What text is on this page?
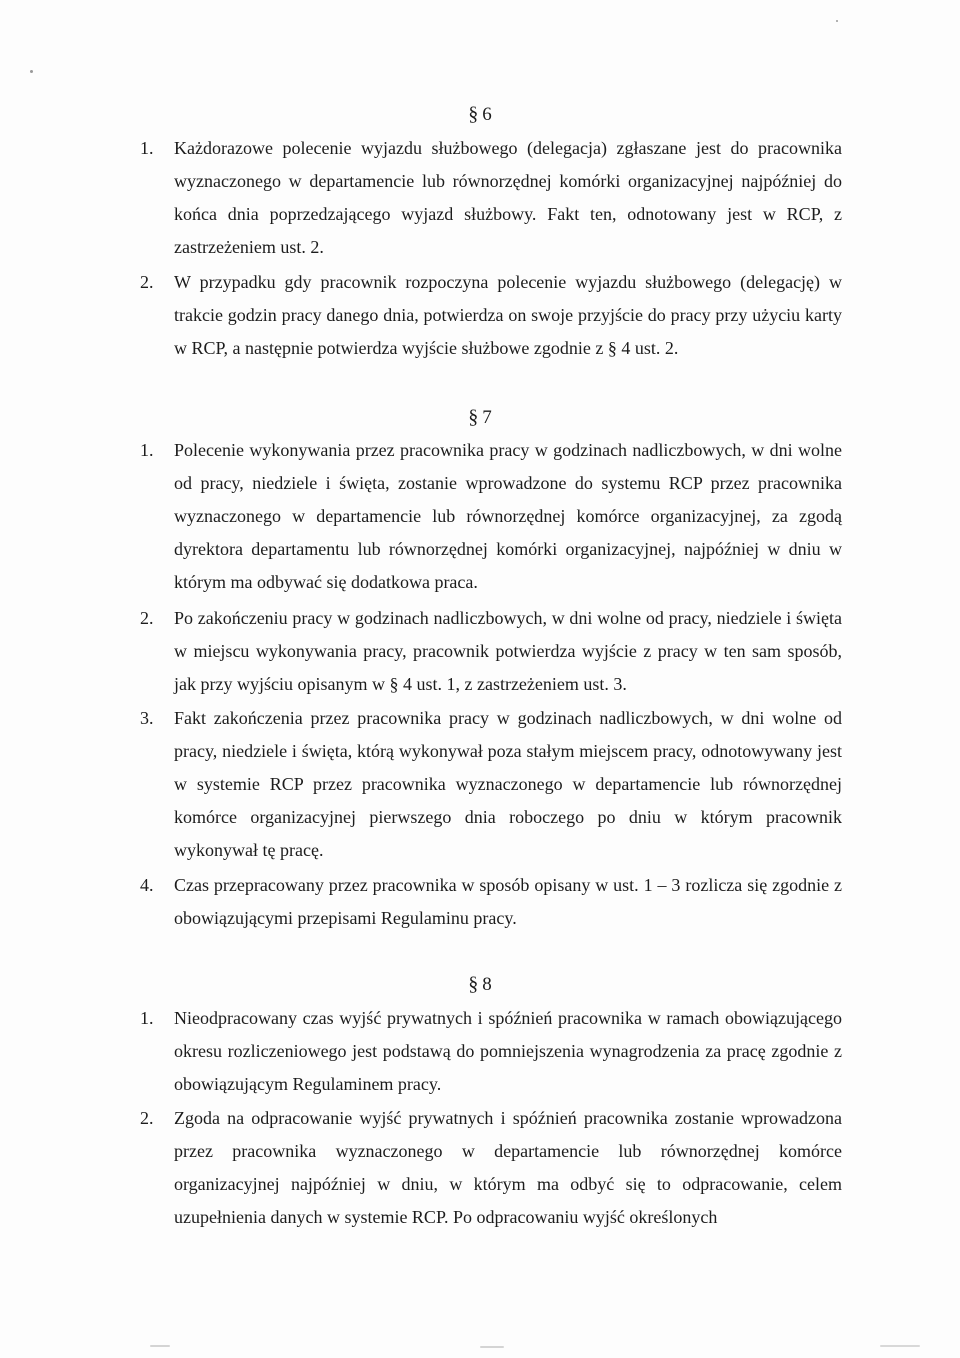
§ 6
1.	Każdorazowe polecenie wyjazdu służbowego (delegacja) zgłaszane jest do pracownika wyznaczonego w departamencie lub równorzędnej komórki organizacyjnej najpóźniej do końca dnia poprzedzającego wyjazd służbowy. Fakt ten, odnotowany jest w RCP, z zastrzeżeniem ust. 2.
2.	W przypadku gdy pracownik rozpoczyna polecenie wyjazdu służbowego (delegację) w trakcie godzin pracy danego dnia, potwierdza on swoje przyjście do pracy przy użyciu karty w RCP, a następnie potwierdza wyjście służbowe zgodnie z § 4 ust. 2.
§ 7
1.	Polecenie wykonywania przez pracownika pracy w godzinach nadliczbowych, w dni wolne od pracy, niedziele i święta, zostanie wprowadzone do systemu RCP przez pracownika wyznaczonego w departamencie lub równorzędnej komórce organizacyjnej, za zgodą dyrektora departamentu lub równorzędnej komórki organizacyjnej, najpóźniej w dniu w którym ma odbywać się dodatkowa praca.
2.	Po zakończeniu pracy w godzinach nadliczbowych, w dni wolne od pracy, niedziele i święta w miejscu wykonywania pracy, pracownik potwierdza wyjście z pracy w ten sam sposób, jak przy wyjściu opisanym w § 4 ust. 1, z zastrzeżeniem ust. 3.
3.	Fakt zakończenia przez pracownika pracy w godzinach nadliczbowych, w dni wolne od pracy, niedziele i święta, którą wykonywał poza stałym miejscem pracy, odnotowywany jest w systemie RCP przez pracownika wyznaczonego w departamencie lub równorzędnej komórce organizacyjnej pierwszego dnia roboczego po dniu w którym pracownik wykonywał tę pracę.
4.	Czas przepracowany przez pracownika w sposób opisany w ust. 1 – 3 rozlicza się zgodnie z obowiązującymi przepisami Regulaminu pracy.
§ 8
1.	Nieodpracowany czas wyjść prywatnych i spóźnień pracownika w ramach obowiązującego okresu rozliczeniowego jest podstawą do pomniejszenia wynagrodzenia za pracę zgodnie z obowiązującym Regulaminem pracy.
2.	Zgoda na odpracowanie wyjść prywatnych i spóźnień pracownika zostanie wprowadzona przez pracownika wyznaczonego w departamencie lub równorzędnej komórce organizacyjnej najpóźniej w dniu, w którym ma odbyć się to odpracowanie, celem uzupełnienia danych w systemie RCP. Po odpracowaniu wyjść określonych
